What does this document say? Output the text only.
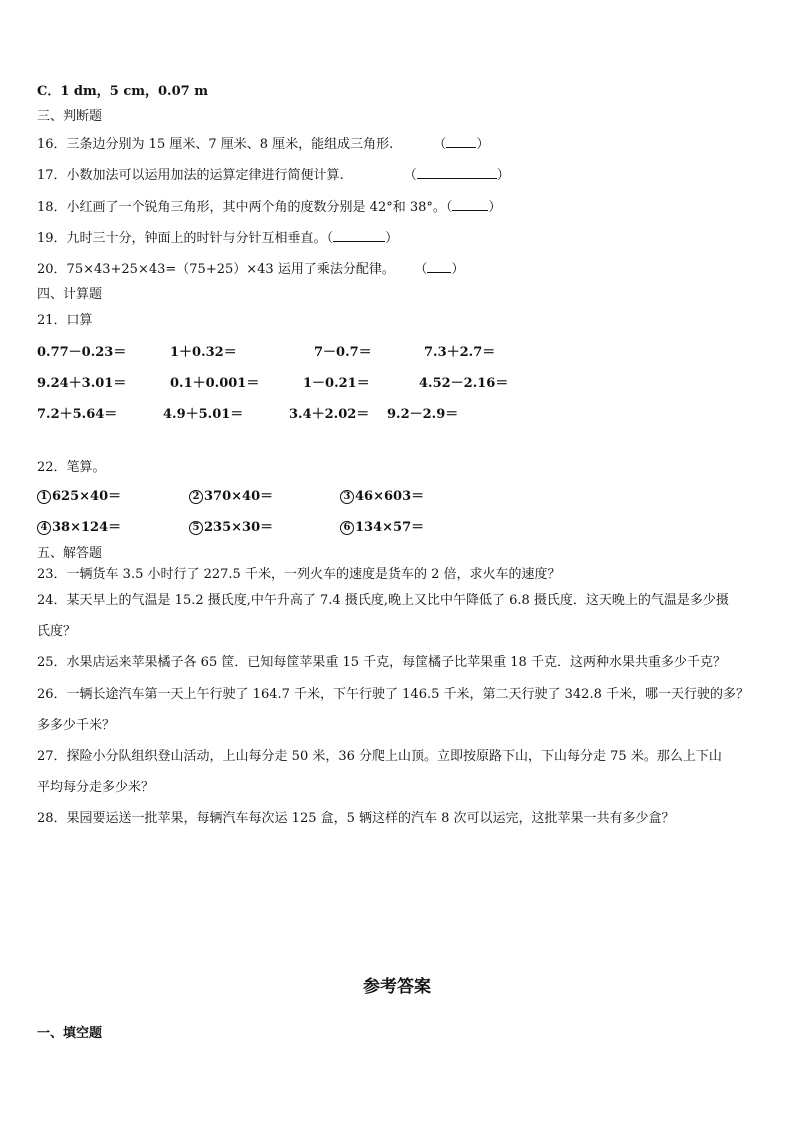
C．1 dm，5 cm，0.07 m
三、判断题
16．三条边分别为 15 厘米、7 厘米、8 厘米，能组成三角形.	（ ）
17．小数加法可以运用加法的运算定律进行简便计算.	（	）
18．小红画了一个锐角三角形，其中两个角的度数分别是 42°和 38°。（	）
19．九时三十分，钟面上的时针与分针互相垂直。（	）
20．75×43+25×43=（75+25）×43 运用了乘法分配律。 （ ）
四、计算题
21．口算
0.77－0.23＝	1＋0.32＝	7－0.7＝	7.3＋2.7＝
9.24＋3.01＝	0.1＋0.001＝	1－0.21＝	4.52－2.16＝
7.2＋5.64＝	4.9＋5.01＝	3.4＋2.02＝ 9.2－2.9＝
22．笔算。
1 625×40＝	2 370×40＝	3 46×603＝
4 38×124＝	5 235×30＝	6 134×57＝
五、解答题
23．一辆货车 3.5 小时行了 227.5 千米，一列火车的速度是货车的 2 倍，求火车的速度？
24．某天早上的气温是 15.2 摄氏度,中午升高了 7.4 摄氏度,晚上又比中午降低了 6.8 摄氏度．这天晚上的气温是多少摄
氏度？
25．水果店运来苹果橘子各 65 筐．已知每筐苹果重 15 千克，每筐橘子比苹果重 18 千克．这两种水果共重多少千克？
26．一辆长途汽车第一天上午行驶了 164.7 千米，下午行驶了 146.5 千米，第二天行驶了 342.8 千米，哪一天行驶的多？
多多少千米？
27．探险小分队组织登山活动，上山每分走 50 米，36 分爬上山顶。立即按原路下山，下山每分走 75 米。那么上下山
平均每分走多少米？
28．果园要运送一批苹果，每辆汽车每次运 125 盒，5 辆这样的汽车 8 次可以运完，这批苹果一共有多少盒？
参考答案
一、填空题
